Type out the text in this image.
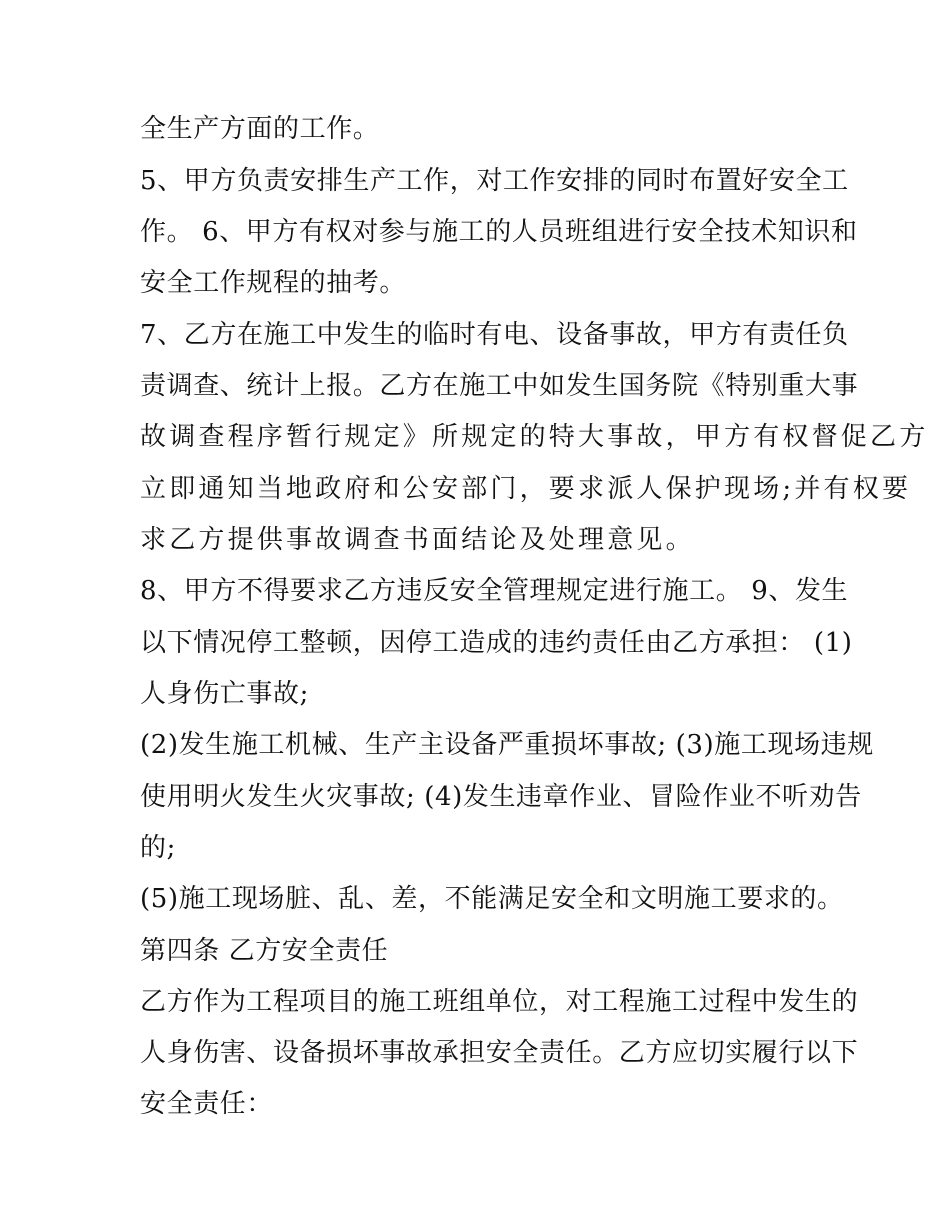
全生产方面的工作。
5、甲方负责安排生产工作，对工作安排的同时布置好安全工
作。 6、甲方有权对参与施工的人员班组进行安全技术知识和
安全工作规程的抽考。
7、乙方在施工中发生的临时有电、设备事故，甲方有责任负
责调查、统计上报。乙方在施工中如发生国务院《特别重大事
故调查程序暂行规定》所规定的特大事故，甲方有权督促乙方
立即通知当地政府和公安部门，要求派人保护现场;并有权要
求乙方提供事故调查书面结论及处理意见。
8、甲方不得要求乙方违反安全管理规定进行施工。 9、发生
以下情况停工整顿，因停工造成的违约责任由乙方承担： (1)
人身伤亡事故;
(2)发生施工机械、生产主设备严重损坏事故; (3)施工现场违规
使用明火发生火灾事故; (4)发生违章作业、冒险作业不听劝告
的;
(5)施工现场脏、乱、差，不能满足安全和文明施工要求的。
第四条 乙方安全责任
乙方作为工程项目的施工班组单位，对工程施工过程中发生的
人身伤害、设备损坏事故承担安全责任。乙方应切实履行以下
安全责任：
